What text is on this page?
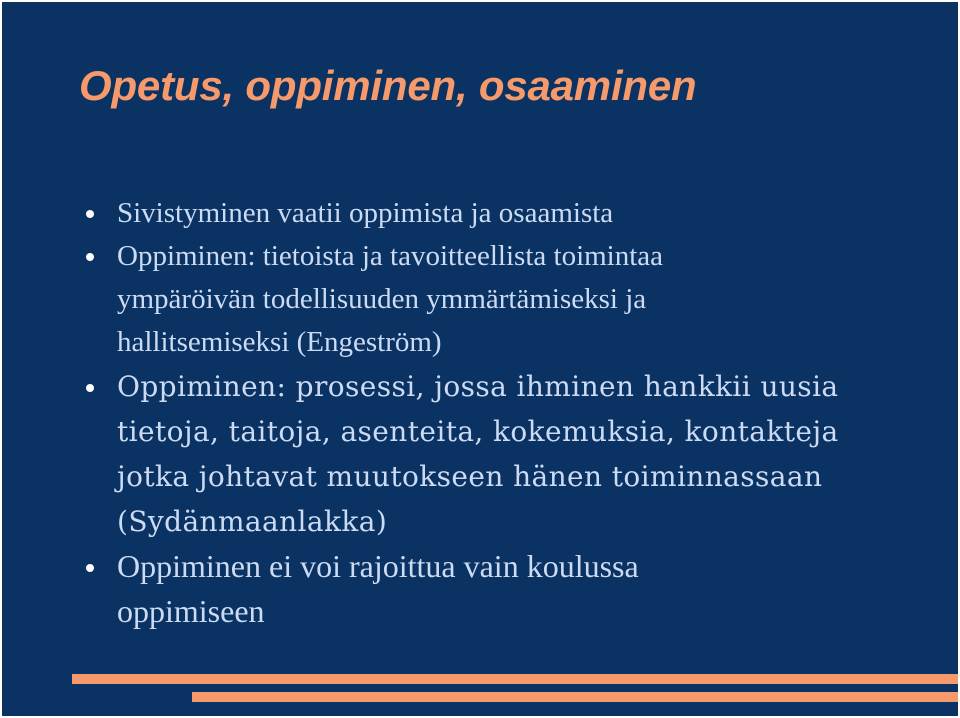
Opetus, oppiminen, osaaminen
Sivistyminen vaatii oppimista ja osaamista
Oppiminen: tietoista ja tavoitteellista toimintaa
ympäröivän todellisuuden ymmärtämiseksi ja
hallitsemiseksi (Engeström)
Oppiminen: prosessi, jossa ihminen hankkii uusia
tietoja, taitoja, asenteita, kokemuksia, kontakteja
jotka johtavat muutokseen hänen toiminnassaan
(Sydänmaanlakka)
Oppiminen ei voi rajoittua vain koulussa
oppimiseen
